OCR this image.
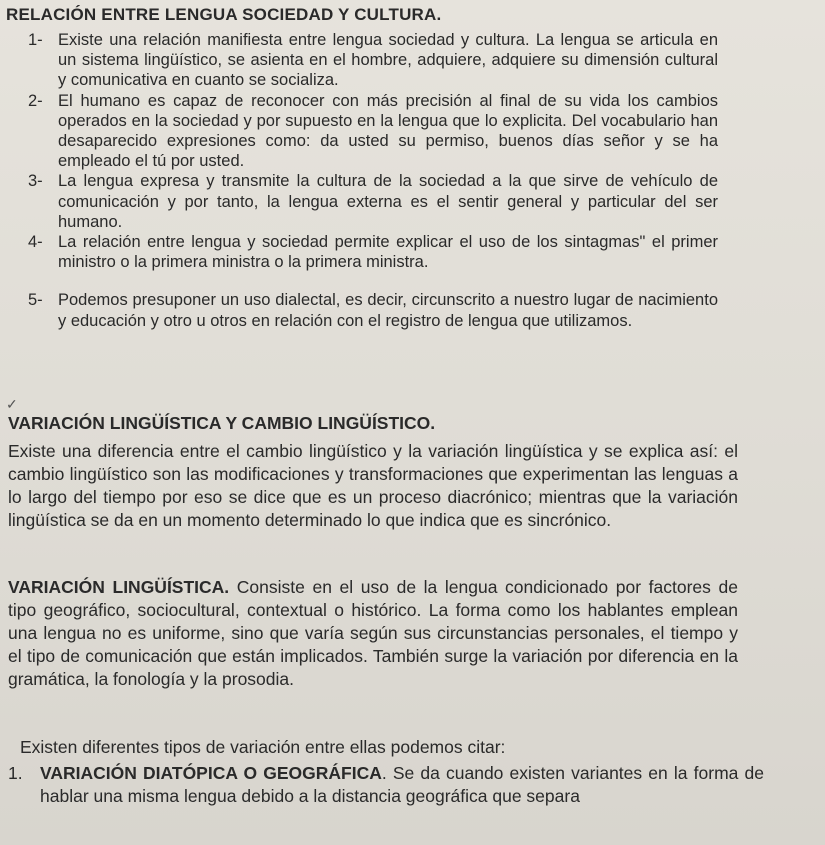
RELACIÓN ENTRE LENGUA SOCIEDAD Y CULTURA.
1- Existe una relación manifiesta entre lengua sociedad y cultura. La lengua se articula en un sistema lingüístico, se asienta en el hombre, adquiere, adquiere su dimensión cultural y comunicativa en cuanto se socializa.
2- El humano es capaz de reconocer con más precisión al final de su vida los cambios operados en la sociedad y por supuesto en la lengua que lo explicita. Del vocabulario han desaparecido expresiones como: da usted su permiso, buenos días señor y se ha empleado el tú por usted.
3- La lengua expresa y transmite la cultura de la sociedad a la que sirve de vehículo de comunicación y por tanto, la lengua externa es el sentir general y particular del ser humano.
4- La relación entre lengua y sociedad permite explicar el uso de los sintagmas" el primer ministro o la primera ministra o la primera ministra.
5- Podemos presuponer un uso dialectal, es decir, circunscrito a nuestro lugar de nacimiento y educación y otro u otros en relación con el registro de lengua que utilizamos.
✓
VARIACIÓN LINGÜÍSTICA Y CAMBIO LINGÜÍSTICO.
Existe una diferencia entre el cambio lingüístico y la variación lingüística y se explica así: el cambio lingüístico son las modificaciones y transformaciones que experimentan las lenguas a lo largo del tiempo por eso se dice que es un proceso diacrónico; mientras que la variación lingüística se da en un momento determinado lo que indica que es sincrónico.
VARIACIÓN LINGÜÍSTICA. Consiste en el uso de la lengua condicionado por factores de tipo geográfico, sociocultural, contextual o histórico. La forma como los hablantes emplean una lengua no es uniforme, sino que varía según sus circunstancias personales, el tiempo y el tipo de comunicación que están implicados. También surge la variación por diferencia en la gramática, la fonología y la prosodia.
Existen diferentes tipos de variación entre ellas podemos citar:
1. VARIACIÓN DIATÓPICA O GEOGRÁFICA. Se da cuando existen variantes en la forma de hablar una misma lengua debido a la distancia geográfica que separa
